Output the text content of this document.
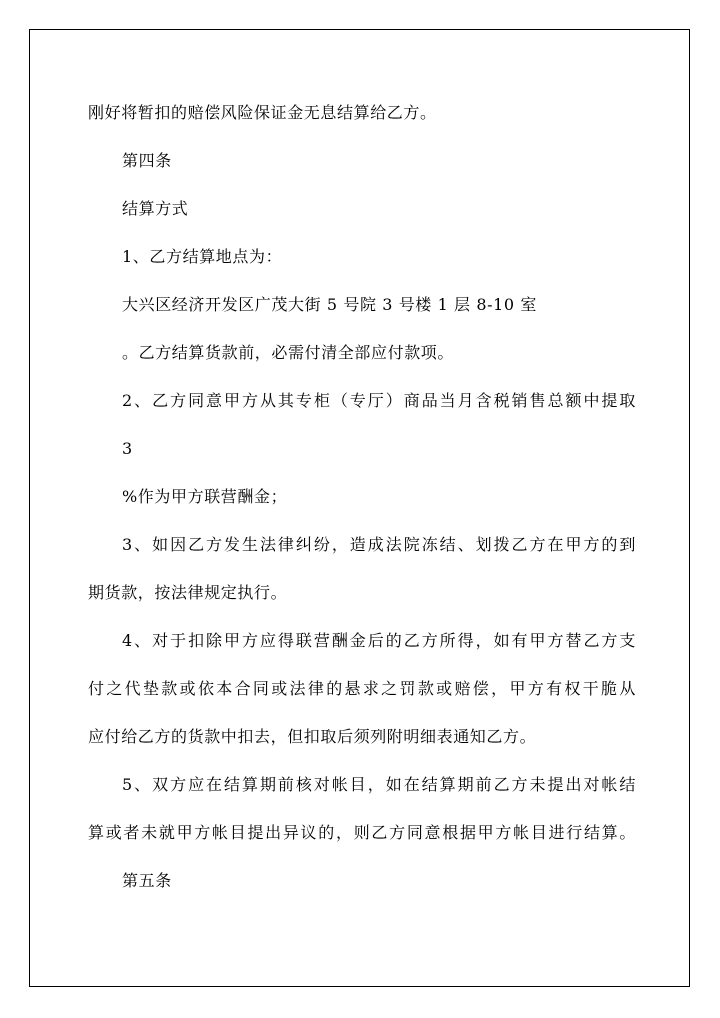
刚好将暂扣的赔偿风险保证金无息结算给乙方。
第四条
结算方式
1、乙方结算地点为：
大兴区经济开发区广茂大街 5 号院 3 号楼 1 层 8-10 室
。乙方结算货款前，必需付清全部应付款项。
2、乙方同意甲方从其专柜（专厅）商品当月含税销售总额中提取
3
%作为甲方联营酬金；
3、如因乙方发生法律纠纷，造成法院冻结、划拨乙方在甲方的到
期货款，按法律规定执行。
4、对于扣除甲方应得联营酬金后的乙方所得，如有甲方替乙方支
付之代垫款或依本合同或法律的悬求之罚款或赔偿，甲方有权干脆从
应付给乙方的货款中扣去，但扣取后须列附明细表通知乙方。
5、双方应在结算期前核对帐目，如在结算期前乙方未提出对帐结
算或者未就甲方帐目提出异议的，则乙方同意根据甲方帐目进行结算。
第五条
